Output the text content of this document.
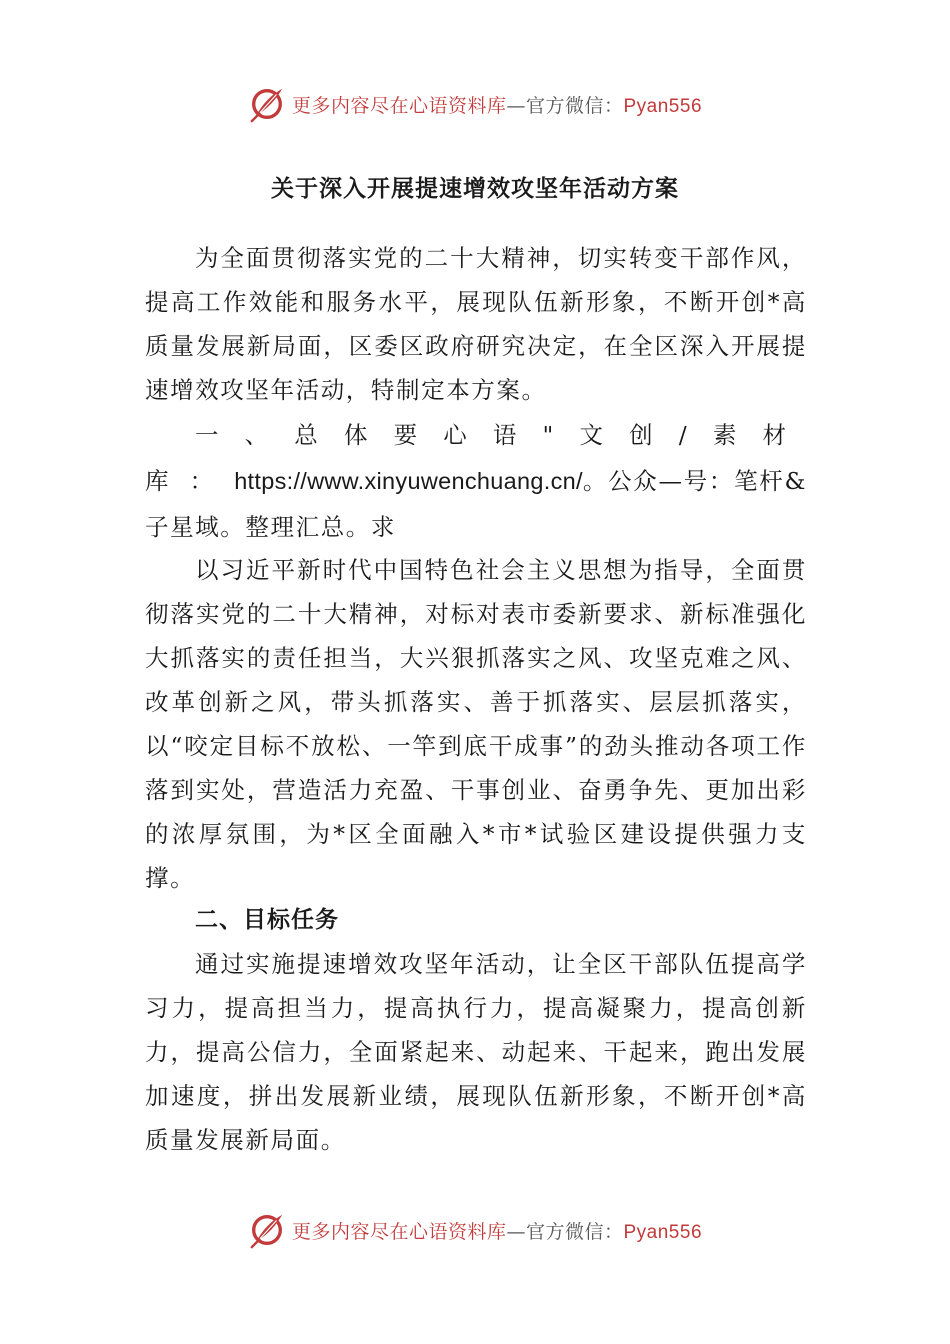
更多内容尽在心语资料库—官方微信：Pyan556
关于深入开展提速增效攻坚年活动方案

为全面贯彻落实党的二十大精神，切实转变干部作风，提高工作效能和服务水平，展现队伍新形象，不断开创*高质量发展新局面，区委区政府研究决定，在全区深入开展提速增效攻坚年活动，特制定本方案。

一、总体要心语"文创/素材库：https://www.xinyuwenchuang.cn/。公众—号：笔杆&子星域。整理汇总。求

以习近平新时代中国特色社会主义思想为指导，全面贯彻落实党的二十大精神，对标对表市委新要求、新标准强化大抓落实的责任担当，大兴狠抓落实之风、攻坚克难之风、改革创新之风，带头抓落实、善于抓落实、层层抓落实，以“咬定目标不放松、一竿到底干成事”的劲头推动各项工作落到实处，营造活力充盈、干事创业、奋勇争先、更加出彩的浓厚氛围，为*区全面融入*市*试验区建设提供强力支撑。

二、目标任务

通过实施提速增效攻坚年活动，让全区干部队伍提高学习力，提高担当力，提高执行力，提高凝聚力，提高创新力，提高公信力，全面紧起来、动起来、干起来，跑出发展加速度，拼出发展新业绩，展现队伍新形象，不断开创*高质量发展新局面。

更多内容尽在心语资料库—官方微信：Pyan556
